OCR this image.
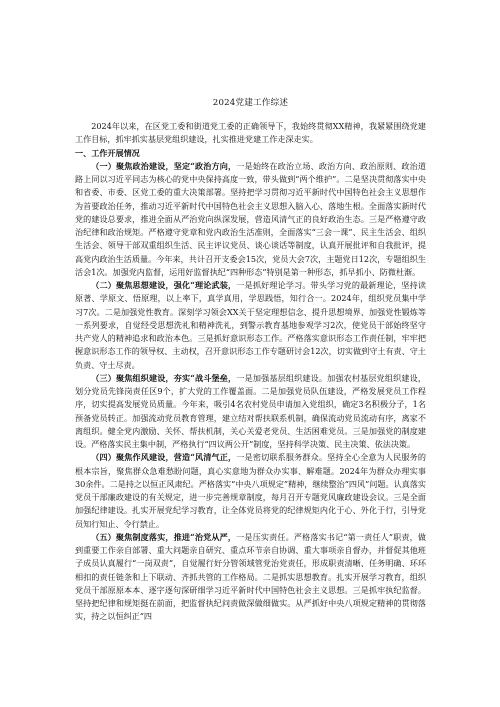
2024党建工作综述

2024年以来，在区党工委和街道党工委的正确领导下，我始终贯彻XX精神，我紧紧围绕党建工作目标，抓牢抓实基层党组织建设，扎实推进党建工作走深走实。

一、工作开展情况

（一）聚焦政治建设，坚定“政治方向，一是始终在政治立场、政治方向、政治原则、政治道路上同以习近平同志为核心的党中央保持高度一致，带头做到“两个维护”。二是坚决贯彻落实中央和省委、市委、区党工委的重大决策部署。坚持把学习贯彻习近平新时代中国特色社会主义思想作为首要政治任务，推动习近平新时代中国特色社会主义思想入脑入心、落地生根。全面落实新时代党的建设总要求，推进全面从严治党向纵深发展，营造风清气正的良好政治生态。三是严格遵守政治纪律和政治规矩。严格遵守党章和党内政治生活准则，全面落实“三会一课”、民主生活会、组织生活会、领导干部双重组织生活、民主评议党员、谈心谈话等制度，认真开展批评和自我批评，提高党内政治生活质量。今年来，共计召开支委会15次，党员大会7次，主题党日12次，专题组织生活会1次。加强党内监督，运用好监督执纪“四种形态”特别是第一种形态，抓早抓小、防微杜渐。

（二）聚焦思想建设，强化“理论武装，一是抓好理论学习。带头学习党的最新理论，坚持读原著、学原文、悟原理，以上率下，真学真用，学思践悟，知行合一。2024年，组织党员集中学习7次。二是加强党性教育。深刻学习领会XX关于坚定理想信念、提升思想境界、加强党性锻炼等一系列要求，自觉经受思想洗礼和精神洗礼，到警示教育基地参观学习2次，使党员干部始终坚守共产党人的精神追求和政治本色。三是抓好意识形态工作。严格落实意识形态工作责任制，牢牢把握意识形态工作的领导权、主动权，召开意识形态工作专题研讨会12次，切实做到守土有责、守土负责、守土尽责。

（三）聚焦组织建设，夯实“战斗堡垒，一是加强基层组织建设。加强农村基层党组织建设，划分党员先锋岗责任区9个，扩大党的工作覆盖面。二是加强党员队伍建设，严格发展党员工作程序，切实提高发展党员质量。今年来，吸引4名农村党员申请加入党组织，确定3名积极分子，1名预备党员转正。加强流动党员教育管理，建立结对帮扶联系机制，确保流动党员流动有序，离家不离组织。健全党内激励、关怀、帮扶机制，关心关爱老党员、生活困难党员。三是加强党的制度建设。严格落实民主集中制，严格执行“四议两公开”制度，坚持科学决策、民主决策、依法决策。

（四）聚焦作风建设，营造“风清气正，一是密切联系服务群众。坚持全心全意为人民服务的根本宗旨，聚焦群众急难愁盼问题，真心实意地为群众办实事、解难题。2024年为群众办理实事30余件。二是持之以恒正风肃纪。严格落实“中央八项规定”精神，继续整治“四风”问题。认真落实党员干部廉政建设的有关规定，进一步完善规章制度，每月召开专题党风廉政建设会议。三是全面加强纪律建设。扎实开展党纪学习教育，让全体党员将党的纪律规矩内化于心、外化于行，引导党员知行知止、令行禁止。

（五）聚焦制度落实，推进“治党从严，一是压实责任。严格落实书记“第一责任人”职责，做到重要工作亲自部署、重大问题亲自研究、重点环节亲自协调、重大事项亲自督办，并督促其他班子成员认真履行“一岗双责”，自觉履行好分管领域管党治党责任，形成职责清晰、任务明确、环环相扣的责任链条和上下联动、齐抓共管的工作格局。二是抓实思想教育。扎实开展学习教育，组织党员干部原原本本、逐字逐句深研细学习近平新时代中国特色社会主义思想。三是抓牢执纪监督。坚持把纪律和规矩挺在前面，把监督执纪问责做深做细做实。从严抓好中央八项规定精神的贯彻落实，持之以恒纠正“四
